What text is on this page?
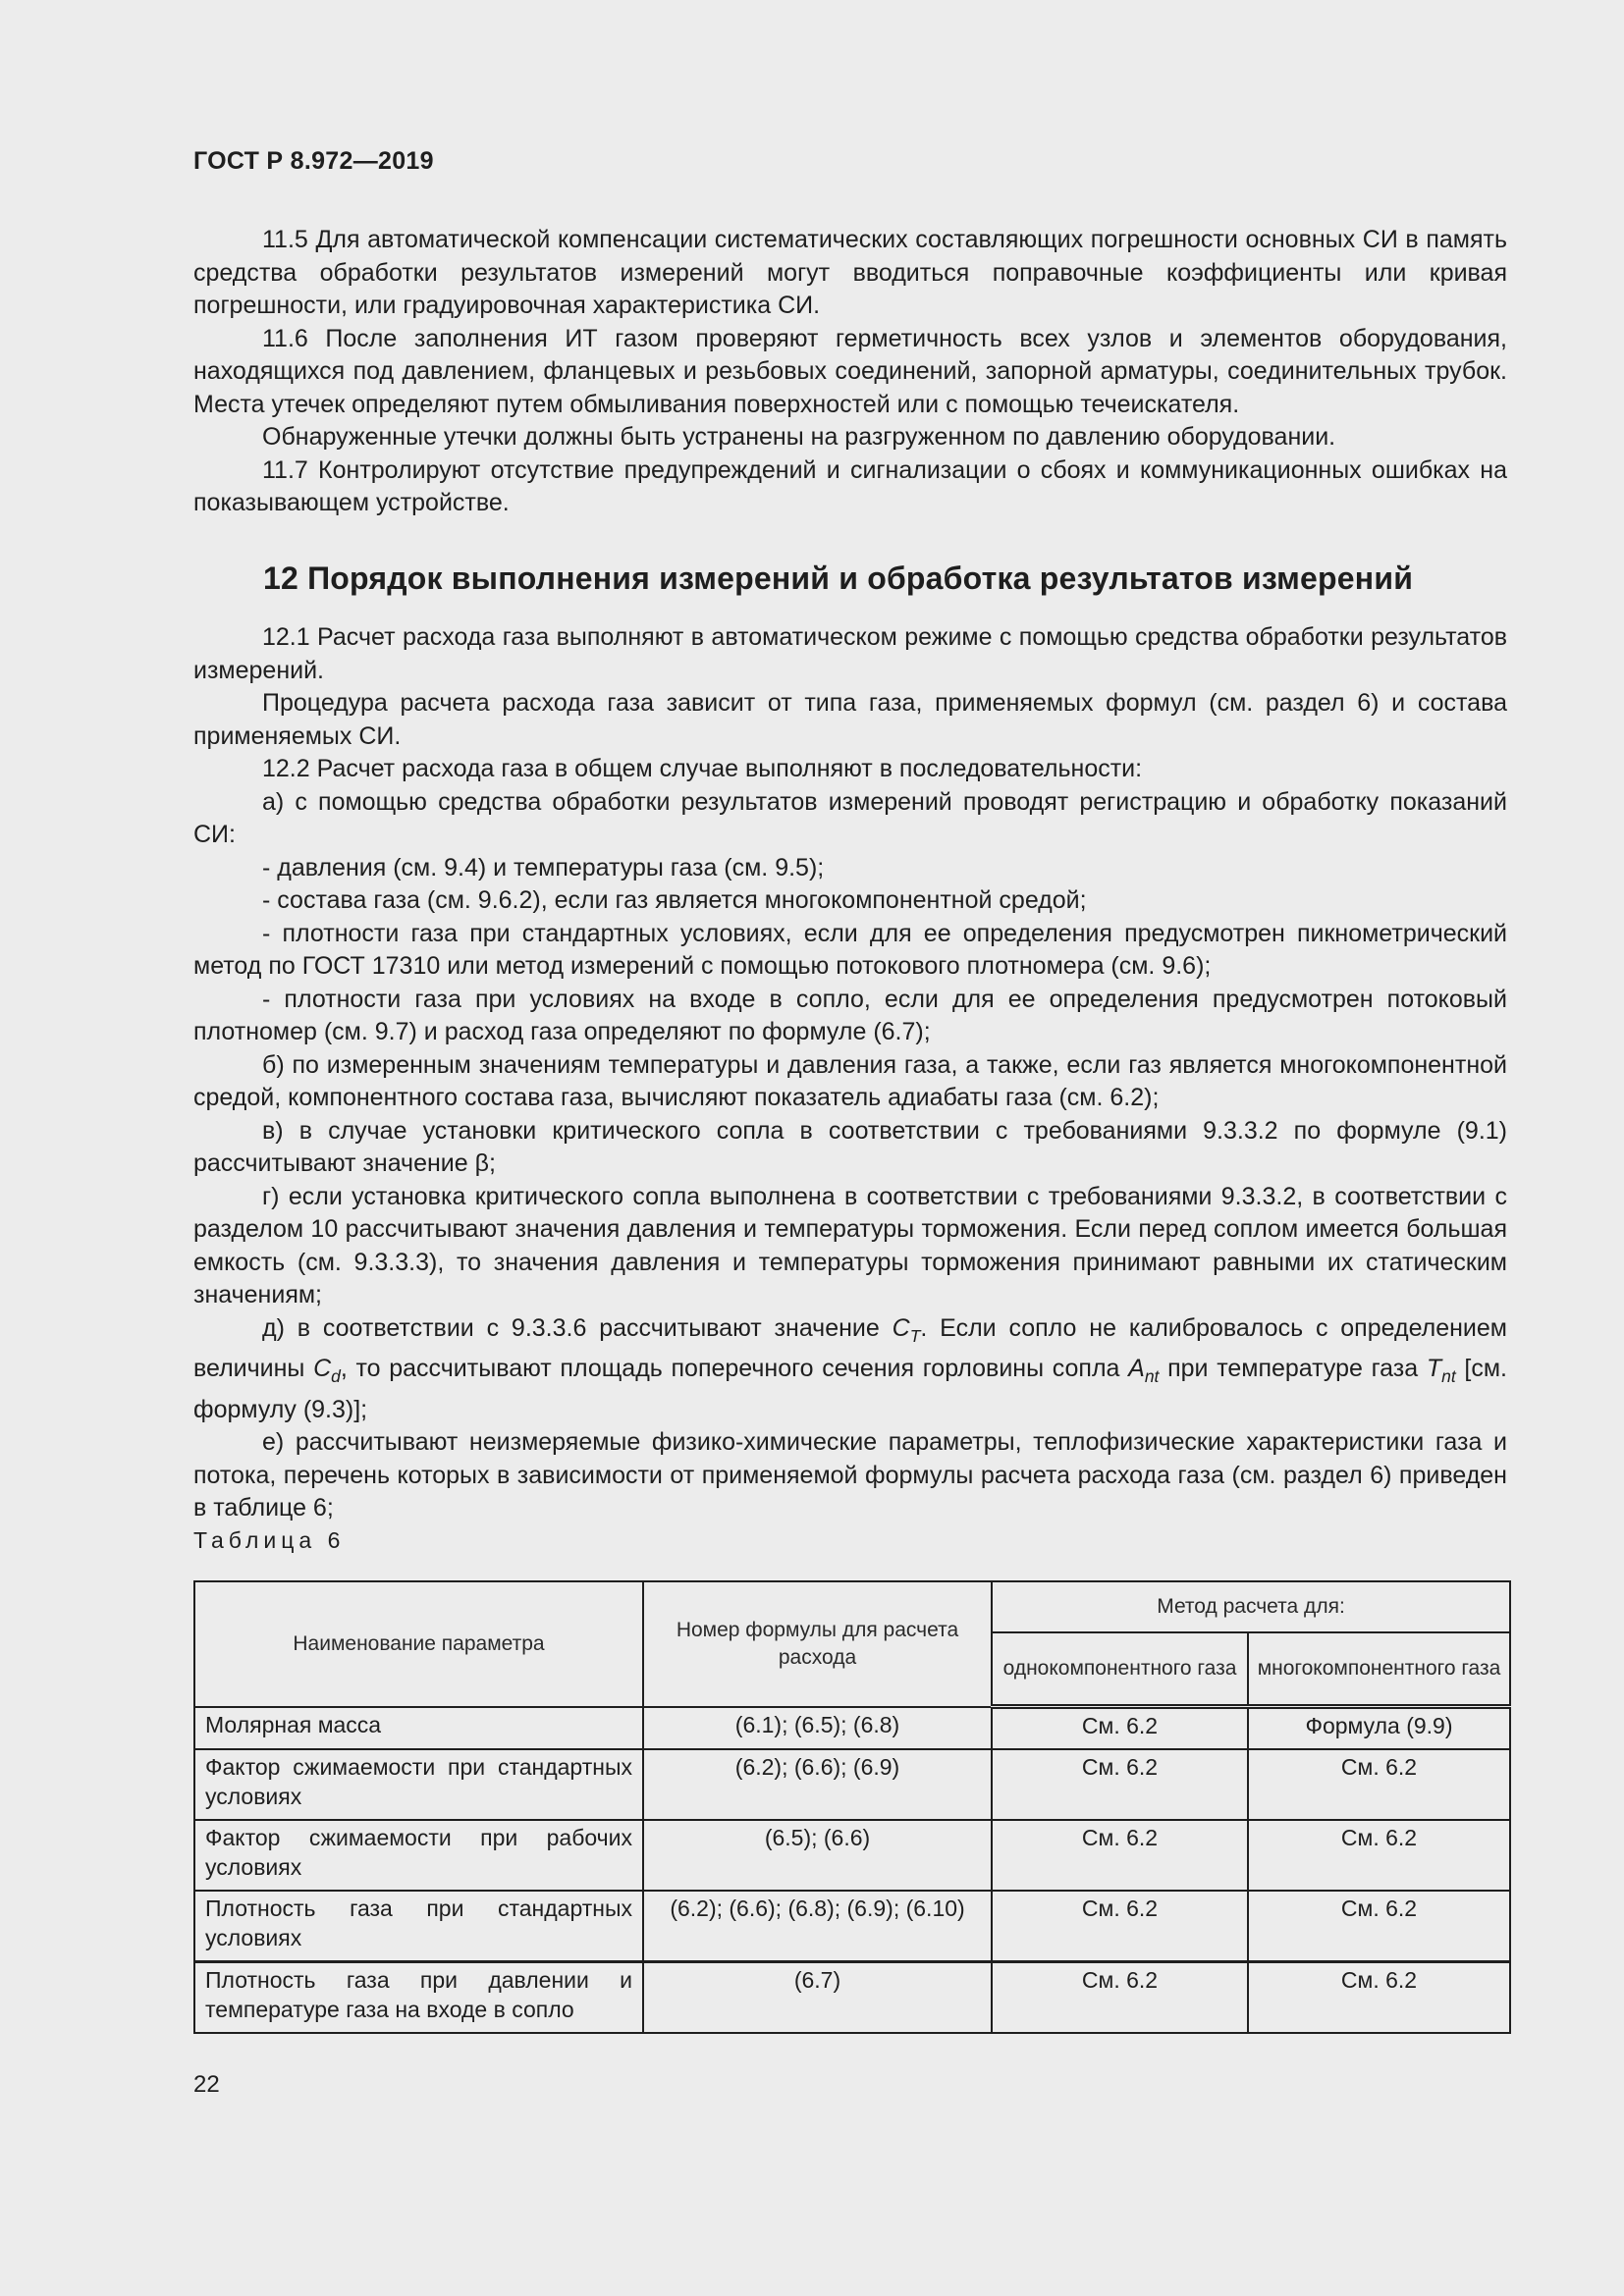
ГОСТ Р 8.972—2019

11.5 Для автоматической компенсации систематических составляющих погрешности основных СИ в память средства обработки результатов измерений могут вводиться поправочные коэффициенты или кривая погрешности, или градуировочная характеристика СИ.

11.6 После заполнения ИТ газом проверяют герметичность всех узлов и элементов оборудования, находящихся под давлением, фланцевых и резьбовых соединений, запорной арматуры, соединительных трубок. Места утечек определяют путем обмыливания поверхностей или с помощью течеискателя.

Обнаруженные утечки должны быть устранены на разгруженном по давлению оборудовании.

11.7 Контролируют отсутствие предупреждений и сигнализации о сбоях и коммуникационных ошибках на показывающем устройстве.

12 Порядок выполнения измерений и обработка результатов измерений

12.1 Расчет расхода газа выполняют в автоматическом режиме с помощью средства обработки результатов измерений.

Процедура расчета расхода газа зависит от типа газа, применяемых формул (см. раздел 6) и состава применяемых СИ.

12.2 Расчет расхода газа в общем случае выполняют в последовательности:

а) с помощью средства обработки результатов измерений проводят регистрацию и обработку показаний СИ:

- давления (см. 9.4) и температуры газа (см. 9.5);

- состава газа (см. 9.6.2), если газ является многокомпонентной средой;

- плотности газа при стандартных условиях, если для ее определения предусмотрен пикнометрический метод по ГОСТ 17310 или метод измерений с помощью потокового плотномера (см. 9.6);

- плотности газа при условиях на входе в сопло, если для ее определения предусмотрен потоковый плотномер (см. 9.7) и расход газа определяют по формуле (6.7);

б) по измеренным значениям температуры и давления газа, а также, если газ является многокомпонентной средой, компонентного состава газа, вычисляют показатель адиабаты газа (см. 6.2);

в) в случае установки критического сопла в соответствии с требованиями 9.3.3.2 по формуле (9.1) рассчитывают значение β;

г) если установка критического сопла выполнена в соответствии с требованиями 9.3.3.2, в соответствии с разделом 10 рассчитывают значения давления и температуры торможения. Если перед соплом имеется большая емкость (см. 9.3.3.3), то значения давления и температуры торможения принимают равными их статическим значениям;

д) в соответствии с 9.3.3.6 рассчитывают значение $C_T$. Если сопло не калибровалось с определением величины $C_d$, то рассчитывают площадь поперечного сечения горловины сопла $A_{nt}$ при температуре газа $T_{nt}$ [см. формулу (9.3)];

е) рассчитывают неизмеряемые физико-химические параметры, теплофизические характеристики газа и потока, перечень которых в зависимости от применяемой формулы расчета расхода газа (см. раздел 6) приведен в таблице 6;

Таблица 6
Наименование параметра	Номер формулы для расчета расхода	Метод расчета для:	
		однокомпонентного газа	многокомпонентного газа
Молярная масса	(6.1); (6.5); (6.8)	См. 6.2	Формула (9.9)
Фактор сжимаемости при стандартных условиях	(6.2); (6.6); (6.9)	См. 6.2	См. 6.2
Фактор сжимаемости при рабочих условиях	(6.5); (6.6)	См. 6.2	См. 6.2
Плотность газа при стандартных условиях	(6.2); (6.6); (6.8); (6.9); (6.10)	См. 6.2	См. 6.2
Плотность газа при давлении и температуре газа на входе в сопло	(6.7)	См. 6.2	См. 6.2
22
